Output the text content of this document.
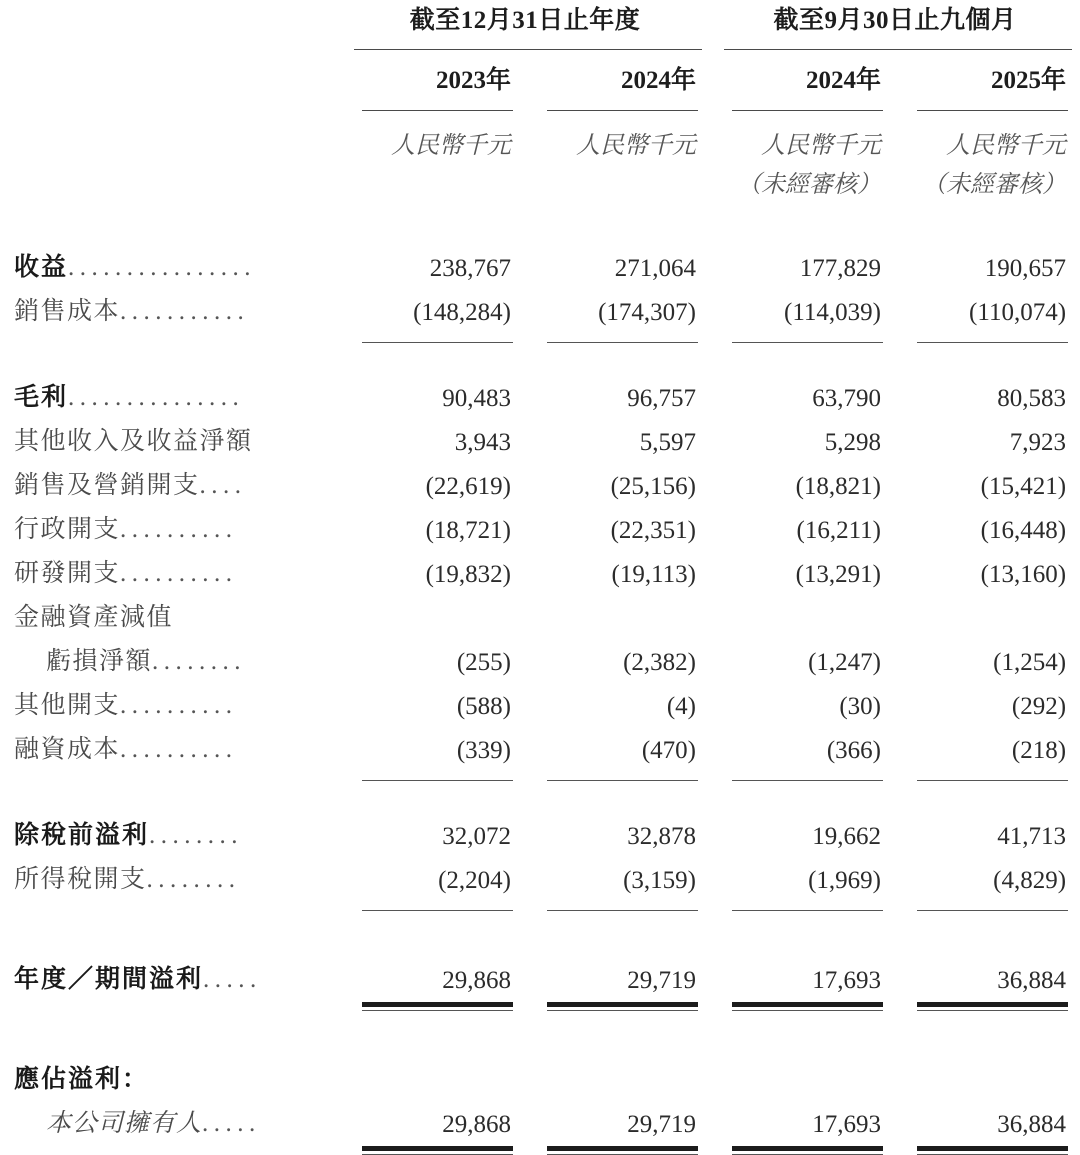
	截至12月31日止年度		截至9月30日止九個月	

	2023年	2024年	2024年	2025年

	人民幣千元	人民幣千元	人民幣千元	人民幣千元
			（未經審核）	（未經審核）

收益................	238,767	271,064	177,829	190,657
銷售成本...........	(148,284)	(174,307)	(114,039)	(110,074)

毛利...............	90,483	96,757	63,790	80,583
其他收入及收益淨額	3,943	5,597	5,298	7,923
銷售及營銷開支....	(22,619)	(25,156)	(18,821)	(15,421)
行政開支..........	(18,721)	(22,351)	(16,211)	(16,448)
研發開支..........	(19,832)	(19,113)	(13,291)	(13,160)
金融資產減值				
虧損淨額........	(255)	(2,382)	(1,247)	(1,254)
其他開支..........	(588)	(4)	(30)	(292)
融資成本..........	(339)	(470)	(366)	(218)

除稅前溢利........	32,072	32,878	19,662	41,713
所得稅開支........	(2,204)	(3,159)	(1,969)	(4,829)

年度／期間溢利.....	29,868	29,719	17,693	36,884

應佔溢利：				
本公司擁有人.....	29,868	29,719	17,693	36,884
